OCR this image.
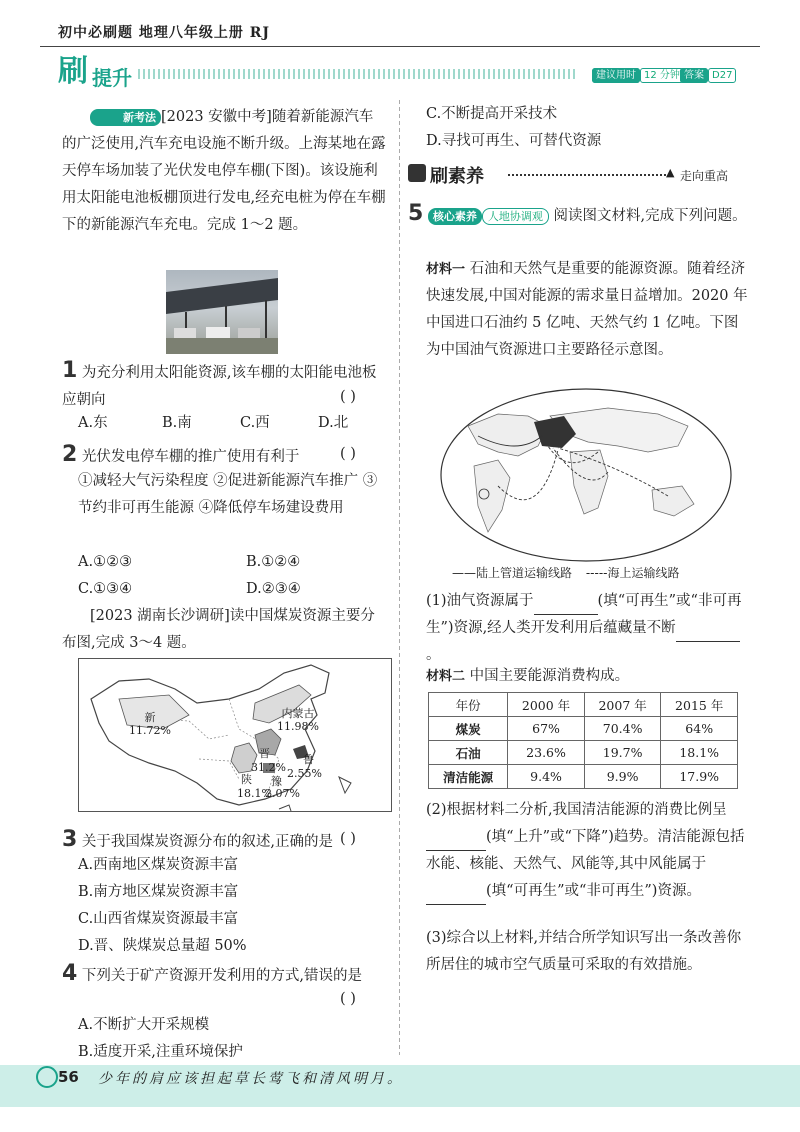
初中必刷题 地理八年级上册 RJ
刷 提升	建议用时 12 分钟 答案 D27
新考法 [2023 安徽中考]随着新能源汽车的广泛使用,汽车充电设施不断升级。上海某地在露天停车场加装了光伏发电停车棚(下图)。该设施利用太阳能电池板棚顶进行发电,经充电桩为停在车棚下的新能源汽车充电。完成 1～2 题。
1 为充分利用太阳能资源,该车棚的太阳能电池板应朝向	( )
A.东	B.南	C.西	D.北
2 光伏发电停车棚的推广使用有利于	( )
①减轻大气污染程度 ②促进新能源汽车推广 ③节约非可再生能源 ④降低停车场建设费用
A.①②③	B.①②④
C.①③④	D.②③④
[2023 湖南长沙调研]读中国煤炭资源主要分布图,完成 3～4 题。
新
11.72%
内蒙古
11.98%
晋
31.2%
陕 豫
18.1%
2.07%
鲁
2.55%
3 关于我国煤炭资源分布的叙述,正确的是 ( )
A.西南地区煤炭资源丰富
B.南方地区煤炭资源丰富
C.山西省煤炭资源最丰富
D.晋、陕煤炭总量超 50%
4 下列关于矿产资源开发利用的方式,错误的是
( )
A.不断扩大开采规模
B.适度开采,注重环境保护
C.不断提高开采技术
D.寻找可再生、可替代资源
刷素养	▲ 走向重高
5 核心素养 人地协调观 阅读图文材料,完成下列问题。
材料一 石油和天然气是重要的能源资源。随着经济快速发展,中国对能源的需求量日益增加。2020 年中国进口石油约 5 亿吨、天然气约 1 亿吨。下图为中国油气资源进口主要路径示意图。
——陆上管道运输线路 -----海上运输线路
(1)油气资源属于	(填“可再生”或“非可再生”)资源,经人类开发利用后蕴藏量不断。
材料二 中国主要能源消费构成。
年份	2000 年	2007 年	2015 年
煤炭	67%	70.4%	64%
石油	23.6%	19.7%	18.1%
清洁能源	9.4%	9.9%	17.9%
(2)根据材料二分析,我国清洁能源的消费比例呈(填“上升”或“下降”)趋势。清洁能源包括水能、核能、天然气、风能等,其中风能属于(填“可再生”或“非可再生”)资源。
(3)综合以上材料,并结合所学知识写出一条改善你所居住的城市空气质量可采取的有效措施。
56 少年的肩应该担起草长莺飞和清风明月。
